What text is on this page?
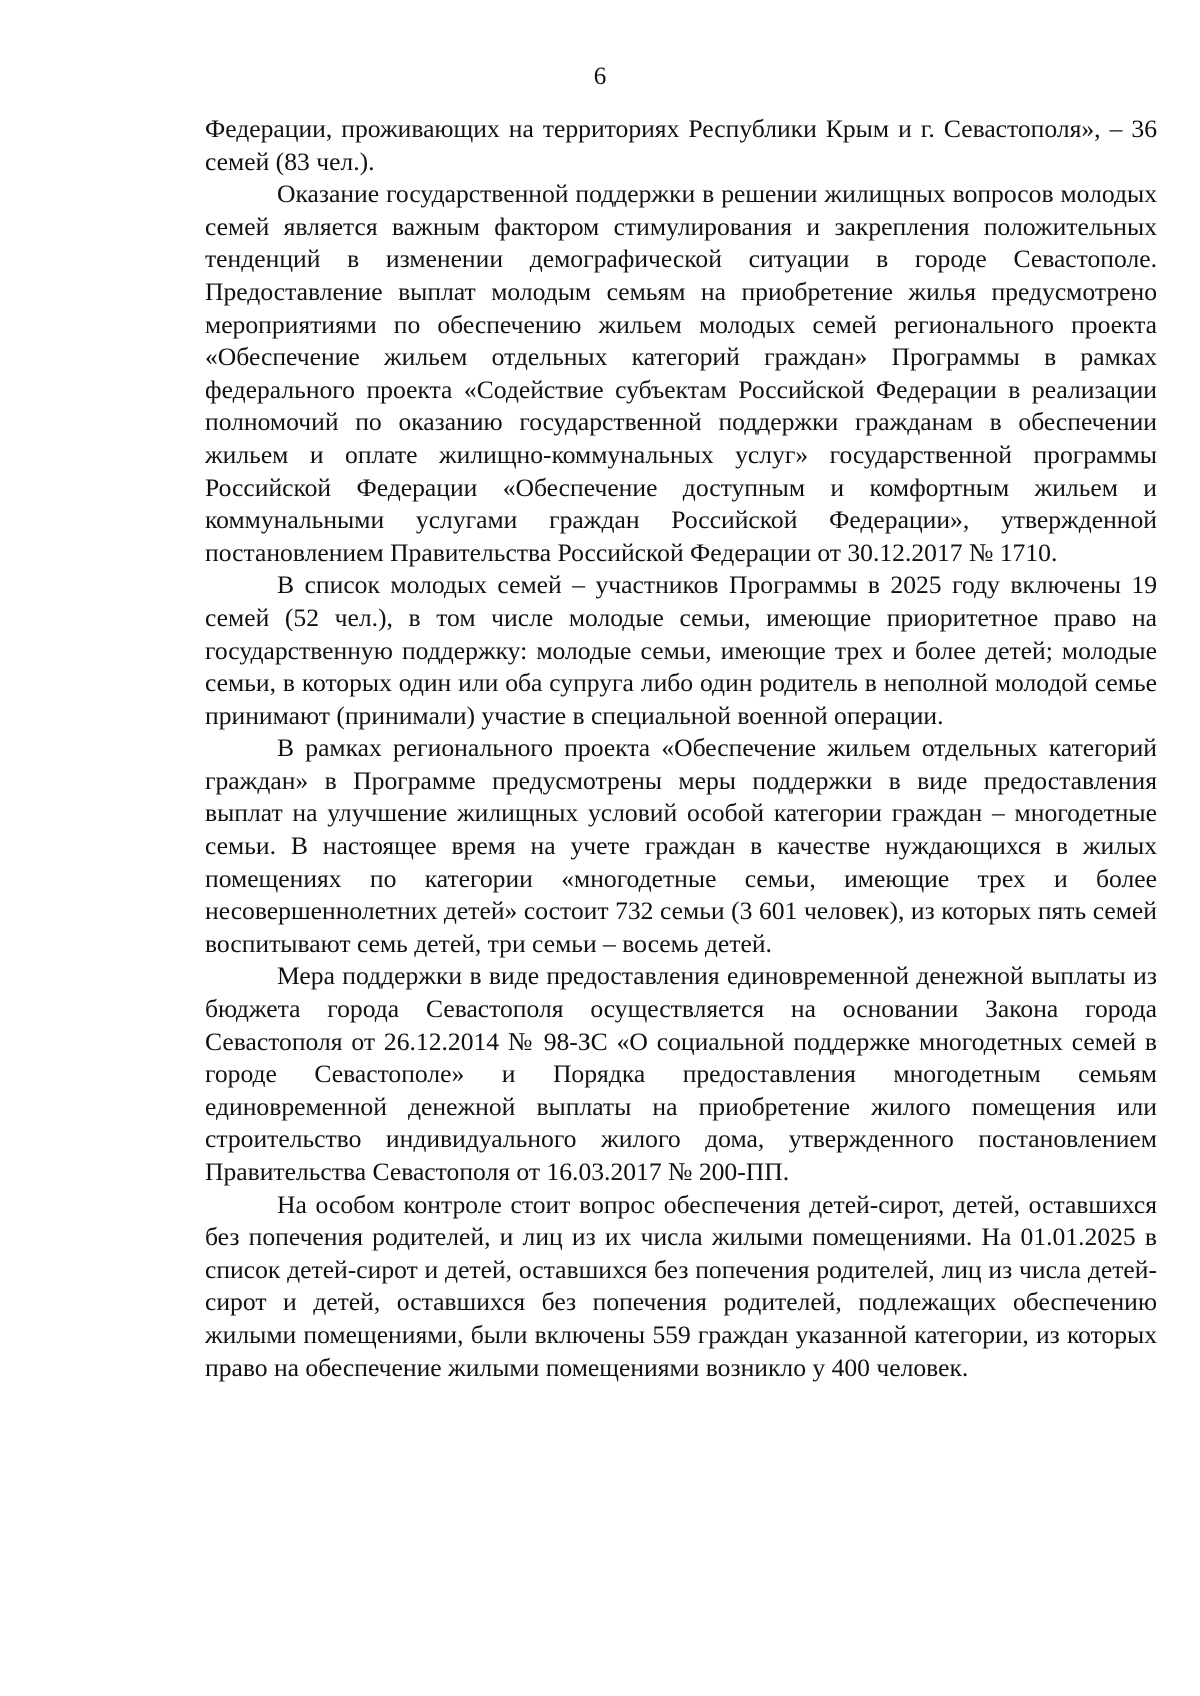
6

Федерации, проживающих на территориях Республики Крым и г. Севастополя», – 36 семей (83 чел.).

Оказание государственной поддержки в решении жилищных вопросов молодых семей является важным фактором стимулирования и закрепления положительных тенденций в изменении демографической ситуации в городе Севастополе. Предоставление выплат молодым семьям на приобретение жилья предусмотрено мероприятиями по обеспечению жильем молодых семей регионального проекта «Обеспечение жильем отдельных категорий граждан» Программы в рамках федерального проекта «Содействие субъектам Российской Федерации в реализации полномочий по оказанию государственной поддержки гражданам в обеспечении жильем и оплате жилищно-коммунальных услуг» государственной программы Российской Федерации «Обеспечение доступным и комфортным жильем и коммунальными услугами граждан Российской Федерации», утвержденной постановлением Правительства Российской Федерации от 30.12.2017 № 1710.

В список молодых семей – участников Программы в 2025 году включены 19 семей (52 чел.), в том числе молодые семьи, имеющие приоритетное право на государственную поддержку: молодые семьи, имеющие трех и более детей; молодые семьи, в которых один или оба супруга либо один родитель в неполной молодой семье принимают (принимали) участие в специальной военной операции.

В рамках регионального проекта «Обеспечение жильем отдельных категорий граждан» в Программе предусмотрены меры поддержки в виде предоставления выплат на улучшение жилищных условий особой категории граждан – многодетные семьи. В настоящее время на учете граждан в качестве нуждающихся в жилых помещениях по категории «многодетные семьи, имеющие трех и более несовершеннолетних детей» состоит 732 семьи (3 601 человек), из которых пять семей воспитывают семь детей, три семьи – восемь детей.

Мера поддержки в виде предоставления единовременной денежной выплаты из бюджета города Севастополя осуществляется на основании Закона города Севастополя от 26.12.2014 № 98-ЗС «О социальной поддержке многодетных семей в городе Севастополе» и Порядка предоставления многодетным семьям единовременной денежной выплаты на приобретение жилого помещения или строительство индивидуального жилого дома, утвержденного постановлением Правительства Севастополя от 16.03.2017 № 200-ПП.

На особом контроле стоит вопрос обеспечения детей-сирот, детей, оставшихся без попечения родителей, и лиц из их числа жилыми помещениями. На 01.01.2025 в список детей-сирот и детей, оставшихся без попечения родителей, лиц из числа детей-сирот и детей, оставшихся без попечения родителей, подлежащих обеспечению жилыми помещениями, были включены 559 граждан указанной категории, из которых право на обеспечение жилыми помещениями возникло у 400 человек.
